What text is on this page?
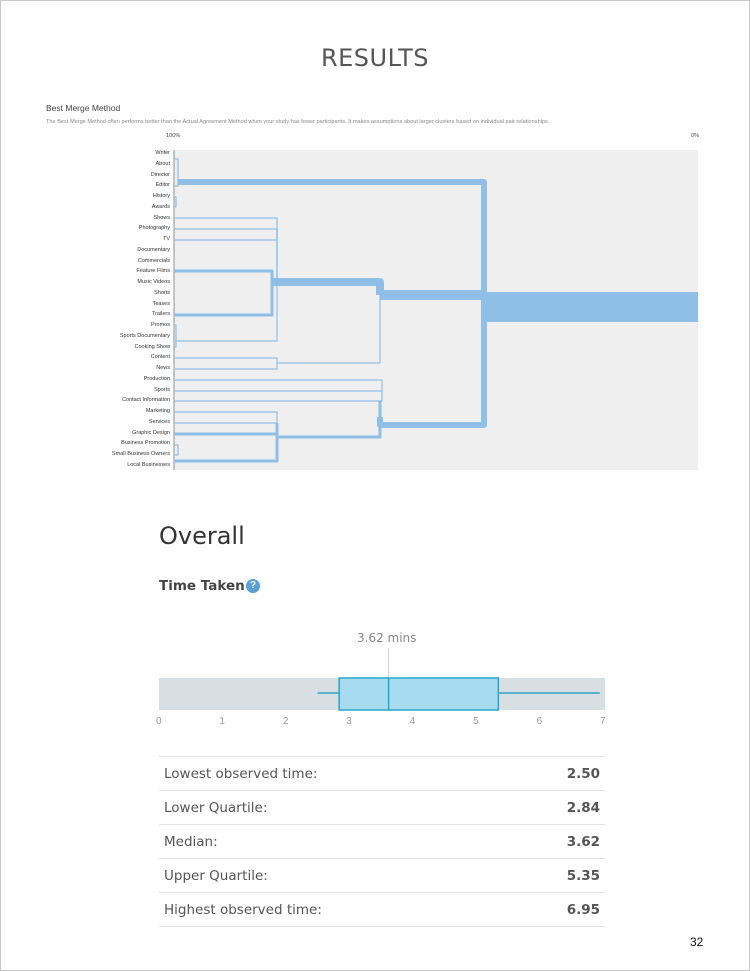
RESULTS
Best Merge Method
The Best Merge Method often performs better than the Actual Agreement Method when your study has fewer participants. It makes assumptions about larger clusters based on individual pair relationships.
100%	0%
Writer
About
Director
Editor
History
Awards
Shows
Photography
TV
Documentary
Commercials
Feature Films
Music Videos
Shorts
Teases
Trailers
Promos
Sports Documentary
Cooking Show
Content
News
Production
Sports
Contact Information
Marketing
Services
Graphic Design
Business Promotion
Small Business Owners
Local Businesses
Overall
Time Taken ?
3.62 mins
0	1	2	3	4	5	6	7
Lowest observed time:	2.50
Lower Quartile:	2.84
Median:	3.62
Upper Quartile:	5.35
Highest observed time:	6.95
32
